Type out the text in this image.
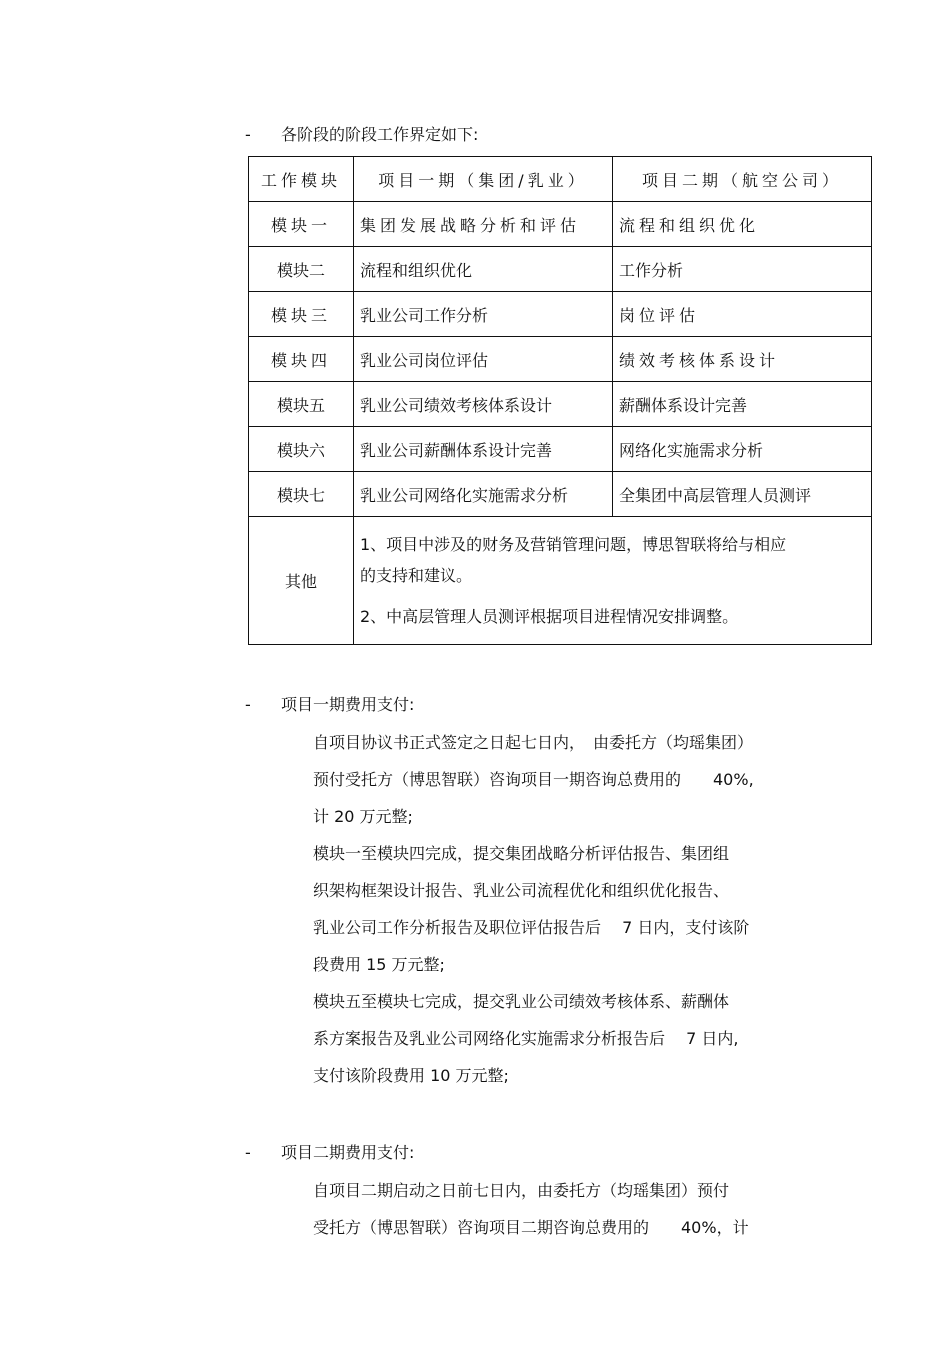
- 各阶段的阶段工作界定如下:
工作模块	项目一期（集团/乳业）	项目二期（航空公司）
模块一	集团发展战略分析和评估	流程和组织优化
模块二	流程和组织优化	工作分析
模块三	乳业公司工作分析	岗位评估
模块四	乳业公司岗位评估	绩效考核体系设计
模块五	乳业公司绩效考核体系设计	薪酬体系设计完善
模块六	乳业公司薪酬体系设计完善	网络化实施需求分析
模块七	乳业公司网络化实施需求分析	全集团中高层管理人员测评
其他	1、项目中涉及的财务及营销管理问题，博思智联将给与相应
的支持和建议。
2、中高层管理人员测评根据项目进程情况安排调整。	
- 项目一期费用支付:
自项目协议书正式签定之日起七日内，　由委托方（均瑶集团）
预付受托方（博思智联）咨询项目一期咨询总费用的　　40%,
计 20 万元整;
模块一至模块四完成，提交集团战略分析评估报告、集团组
织架构框架设计报告、乳业公司流程优化和组织优化报告、
乳业公司工作分析报告及职位评估报告后　 7 日内，支付该阶
段费用 15 万元整;
模块五至模块七完成，提交乳业公司绩效考核体系、薪酬体
系方案报告及乳业公司网络化实施需求分析报告后　 7 日内,
支付该阶段费用 10 万元整;
- 项目二期费用支付:
自项目二期启动之日前七日内，由委托方（均瑶集团）预付
受托方（博思智联）咨询项目二期咨询总费用的　　40%，计
